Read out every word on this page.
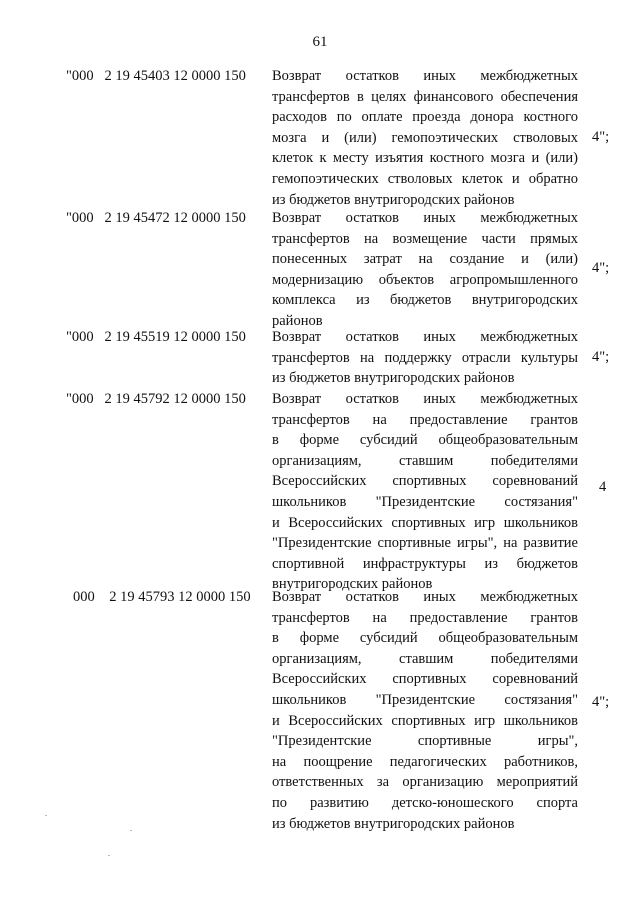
61
"000   2 19 45403 12 0000 150 Возврат остатков иных межбюджетных
трансфертов в целях финансового обеспечения
расходов по оплате проезда донора костного
мозга и (или) гемопоэтических стволовых
клеток к месту изъятия костного мозга и (или)
гемопоэтических стволовых клеток и обратно
из бюджетов внутригородских районов
4";
"000   2 19 45472 12 0000 150 Возврат остатков иных межбюджетных
трансфертов на возмещение части прямых
понесенных затрат на создание и (или)
модернизацию объектов агропромышленного
комплекса из бюджетов внутригородских
районов
4";
"000   2 19 45519 12 0000 150 Возврат остатков иных межбюджетных
трансфертов на поддержку отрасли культуры
из бюджетов внутригородских районов
4";
"000   2 19 45792 12 0000 150 Возврат остатков иных межбюджетных
трансфертов на предоставление грантов
в форме субсидий общеобразовательным
организациям, ставшим победителями
Всероссийских спортивных соревнований
школьников "Президентские состязания"
и Всероссийских спортивных игр школьников
"Президентские спортивные игры", на развитие
спортивной инфраструктуры из бюджетов
внутригородских районов
4
000    2 19 45793 12 0000 150 Возврат остатков иных межбюджетных
трансфертов на предоставление грантов
в форме субсидий общеобразовательным
организациям, ставшим победителями
Всероссийских спортивных соревнований
школьников "Президентские состязания"
и Всероссийских спортивных игр школьников
"Президентские спортивные игры",
на поощрение педагогических работников,
ответственных за организацию мероприятий
по развитию детско-юношеского спорта
из бюджетов внутригородских районов
4";
